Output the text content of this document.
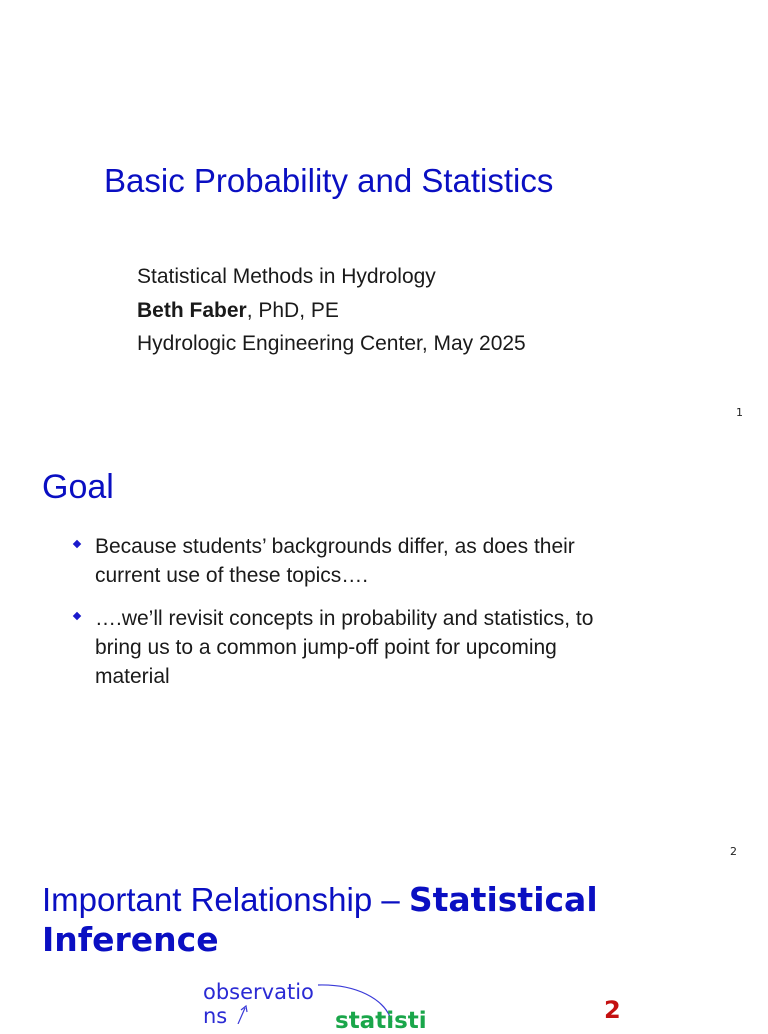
Basic Probability and Statistics
Statistical Methods in Hydrology
Beth Faber, PhD, PE
Hydrologic Engineering Center, May 2025
1
Goal
Because students’ backgrounds differ, as does their current use of these topics….
….we’ll revisit concepts in probability and statistics, to bring us to a common jump-off point for upcoming material
2
Important Relationship – Statistical Inference
observations	statisti	2
